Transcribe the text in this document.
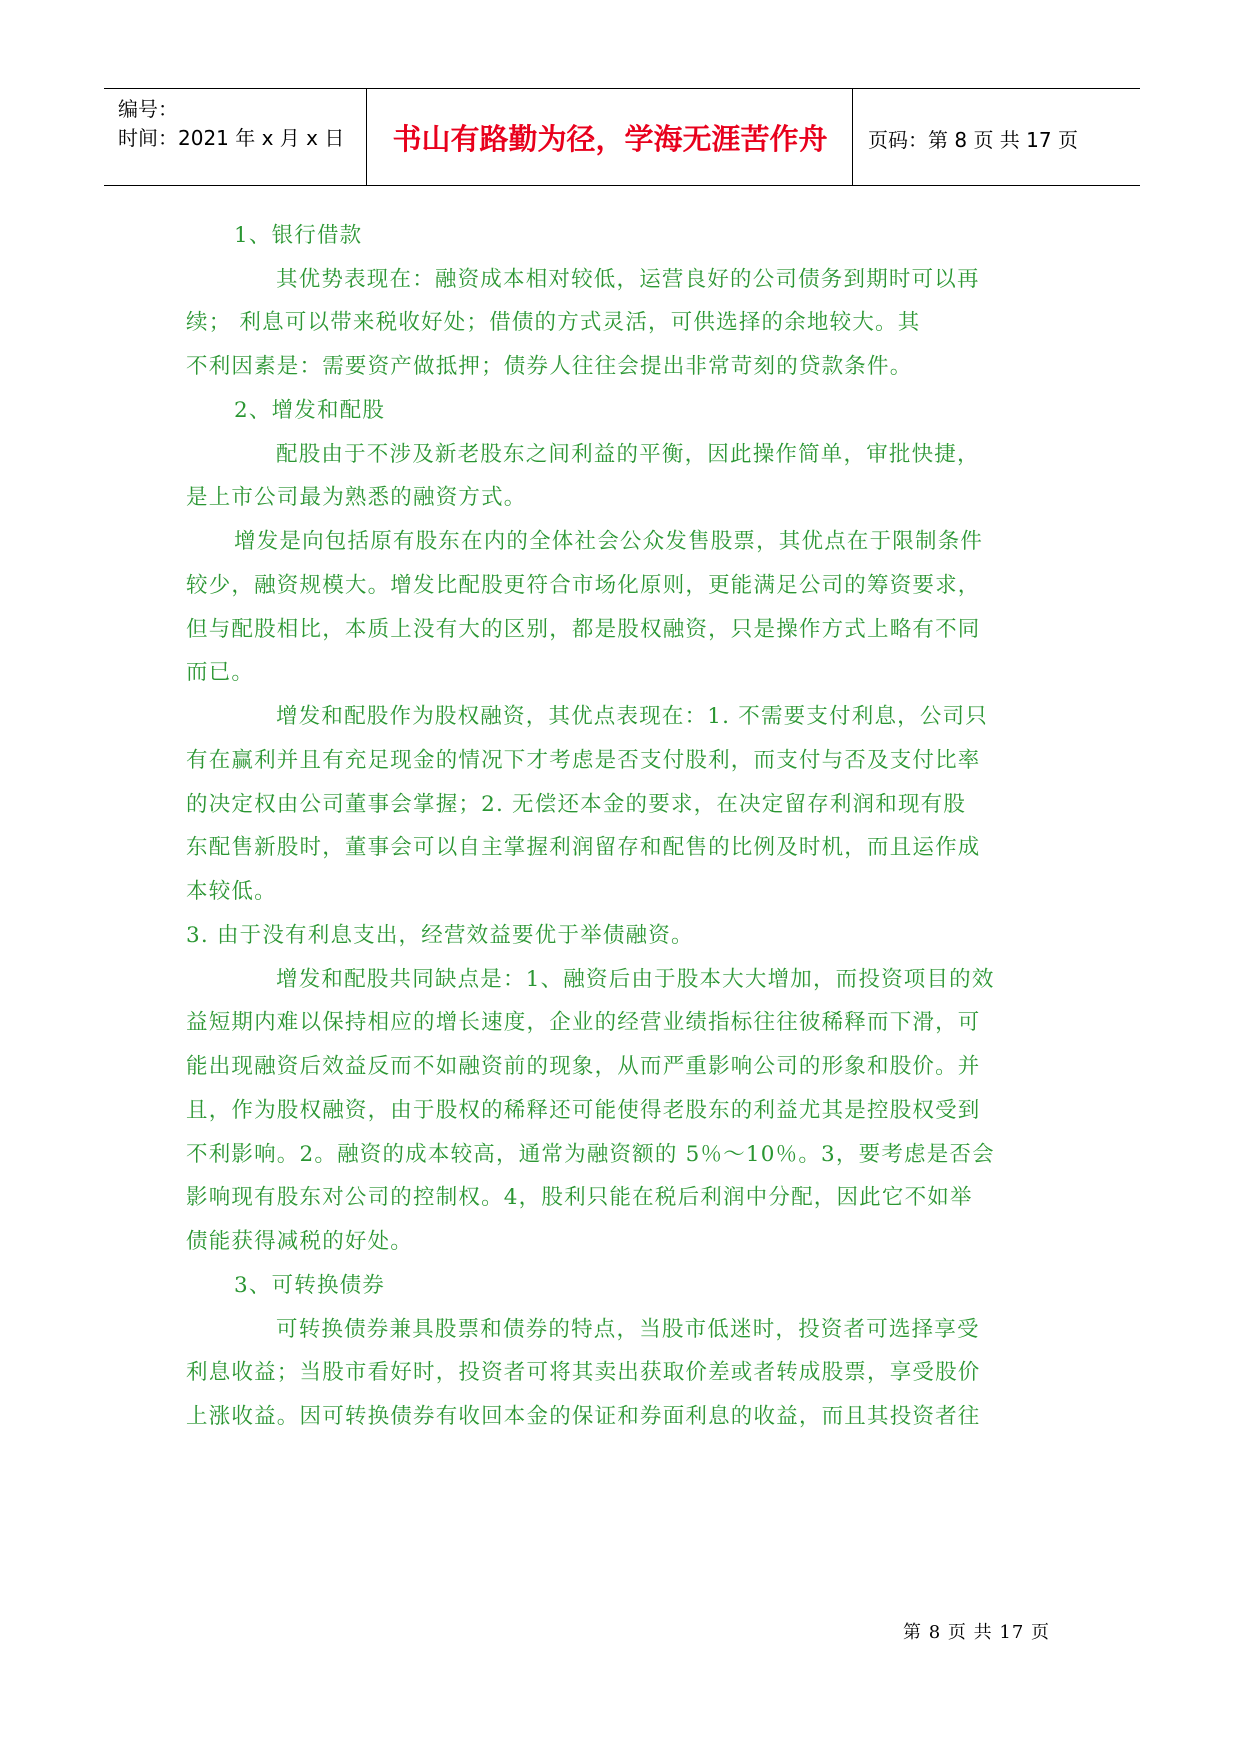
编号：
时间：2021 年 x 月 x 日	书山有路勤为径，学海无涯苦作舟	页码：第 8 页 共 17 页
1、银行借款
其优势表现在：融资成本相对较低，运营良好的公司债务到期时可以再
续； 利息可以带来税收好处；借债的方式灵活，可供选择的余地较大。其
不利因素是：需要资产做抵押；债券人往往会提出非常苛刻的贷款条件。
2、增发和配股
配股由于不涉及新老股东之间利益的平衡，因此操作简单，审批快捷，
是上市公司最为熟悉的融资方式。
增发是向包括原有股东在内的全体社会公众发售股票，其优点在于限制条件
较少，融资规模大。增发比配股更符合市场化原则，更能满足公司的筹资要求，
但与配股相比，本质上没有大的区别，都是股权融资，只是操作方式上略有不同
而已。
增发和配股作为股权融资，其优点表现在：1. 不需要支付利息，公司只
有在赢利并且有充足现金的情况下才考虑是否支付股利，而支付与否及支付比率
的决定权由公司董事会掌握；2. 无偿还本金的要求，在决定留存利润和现有股
东配售新股时，董事会可以自主掌握利润留存和配售的比例及时机，而且运作成
本较低。
3. 由于没有利息支出，经营效益要优于举债融资。
增发和配股共同缺点是：1、融资后由于股本大大增加，而投资项目的效
益短期内难以保持相应的增长速度，企业的经营业绩指标往往彼稀释而下滑，可
能出现融资后效益反而不如融资前的现象，从而严重影响公司的形象和股价。并
且，作为股权融资，由于股权的稀释还可能使得老股东的利益尤其是控股权受到
不利影响。2。融资的成本较高，通常为融资额的 5％～10％。3，要考虑是否会
影响现有股东对公司的控制权。4，股利只能在税后利润中分配，因此它不如举
债能获得减税的好处。
3、可转换债券
可转换债券兼具股票和债券的特点，当股市低迷时，投资者可选择享受
利息收益；当股市看好时，投资者可将其卖出获取价差或者转成股票，享受股价
上涨收益。因可转换债券有收回本金的保证和券面利息的收益，而且其投资者往
第 8 页 共 17 页
